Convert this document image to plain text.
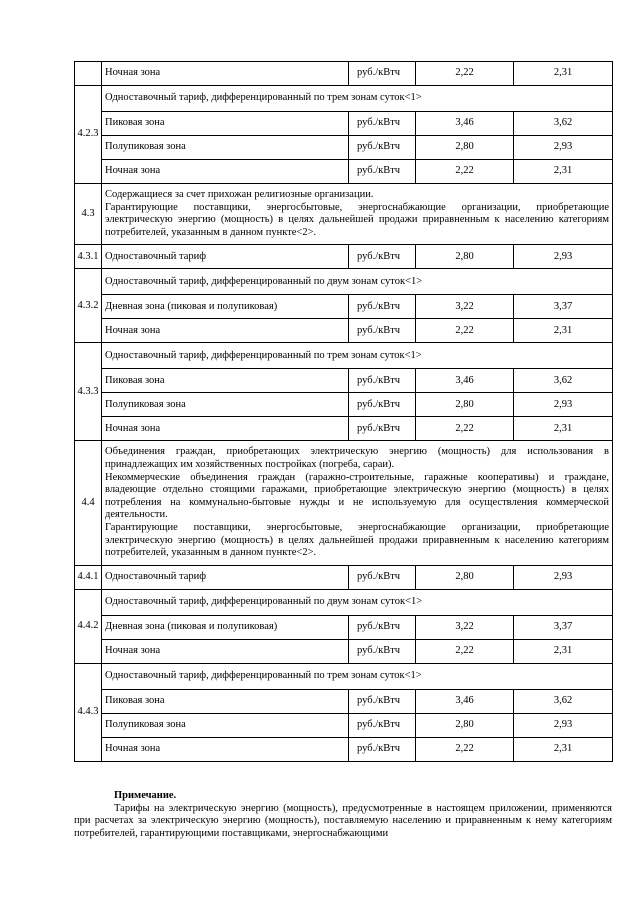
	Ночная зона	руб./кВтч	2,22	2,31
4.2.3	Одноставочный тариф, дифференцированный по трем зонам суток<1>			
	Пиковая зона	руб./кВтч	3,46	3,62
	Полупиковая зона	руб./кВтч	2,80	2,93
	Ночная зона	руб./кВтч	2,22	2,31
4.3	Содержащиеся за счет прихожан религиозные организации.

Гарантирующие поставщики, энергосбытовые, энергоснабжающие организации, приобретающие электрическую энергию (мощность) в целях дальнейшей продажи приравненным к населению категориям потребителей, указанным в данном пункте<2>.			

4.3.1	Одноставочный тариф	руб./кВтч	2,80	2,93
4.3.2	Одноставочный тариф, дифференцированный по двум зонам суток<1>			
	Дневная зона (пиковая и полупиковая)	руб./кВтч	3,22	3,37
	Ночная зона	руб./кВтч	2,22	2,31
4.3.3	Одноставочный тариф, дифференцированный по трем зонам суток<1>			
	Пиковая зона	руб./кВтч	3,46	3,62
	Полупиковая зона	руб./кВтч	2,80	2,93
	Ночная зона	руб./кВтч	2,22	2,31
4.4	Объединения граждан, приобретающих электрическую энергию (мощность) для использования в принадлежащих им хозяйственных постройках (погреба, сараи).

Некоммерческие объединения граждан (гаражно-строительные, гаражные кооперативы) и граждане, владеющие отдельно стоящими гаражами, приобретающие электрическую энергию (мощность) в целях потребления на коммунально-бытовые нужды и не используемую для осуществления коммерческой деятельности.

Гарантирующие поставщики, энергосбытовые, энергоснабжающие организации, приобретающие электрическую энергию (мощность) в целях дальнейшей продажи приравненным к населению категориям потребителей, указанным в данном пункте<2>.			

4.4.1	Одноставочный тариф	руб./кВтч	2,80	2,93
4.4.2	Одноставочный тариф, дифференцированный по двум зонам суток<1>			
	Дневная зона (пиковая и полупиковая)	руб./кВтч	3,22	3,37
	Ночная зона	руб./кВтч	2,22	2,31
4.4.3	Одноставочный тариф, дифференцированный по трем зонам суток<1>			
	Пиковая зона	руб./кВтч	3,46	3,62
	Полупиковая зона	руб./кВтч	2,80	2,93
	Ночная зона	руб./кВтч	2,22	2,31
Примечание.

Тарифы на электрическую энергию (мощность), предусмотренные в настоящем приложении, применяются при расчетах за электрическую энергию (мощность), поставляемую населению и приравненным к нему категориям потребителей, гарантирующими поставщиками, энергоснабжающими
